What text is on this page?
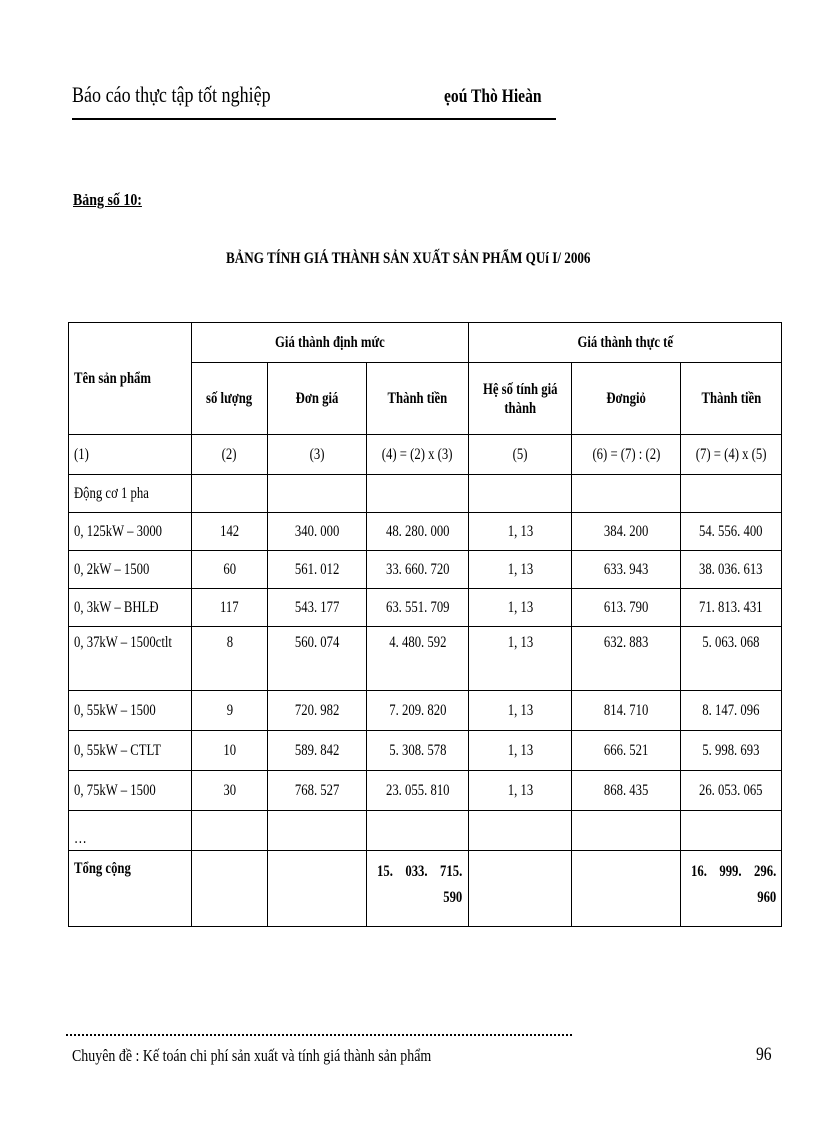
Báo cáo thực tập tốt nghiệp	ẹoú Thò Hieàn
Bảng số 10:
BẢNG TÍNH GIÁ THÀNH SẢN XUẤT SẢN PHẨM QUí I/ 2006
Tên sản phẩm	Giá thành định mức			Giá thành thực tế		
	số lượng	Đơn giá	Thành tiền	Hệ số tính giá thành	Đơngiỏ	Thành tiền
(1)	(2)	(3)	(4) = (2) x (3)	(5)	(6) = (7) : (2)	(7) = (4) x (5)
Động cơ 1 pha						
0, 125kW – 3000	142	340. 000	48. 280. 000	1, 13	384. 200	54. 556. 400
0, 2kW – 1500	60	561. 012	33. 660. 720	1, 13	633. 943	38. 036. 613
0, 3kW – BHLĐ	117	543. 177	63. 551. 709	1, 13	613. 790	71. 813. 431

0, 37kW – 1500ctlt	8	560. 074	4. 480. 592	1, 13	632. 883	5. 063. 068
0, 55kW – 1500	9	720. 982	7. 209. 820	1, 13	814. 710	8. 147. 096
0, 55kW – CTLT	10	589. 842	5. 308. 578	1, 13	666. 521	5. 998. 693
0, 75kW – 1500	30	768. 527	23. 055. 810	1, 13	868. 435	26. 053. 065
…						
Tổng cộng			15. 033. 715. 590			16. 999. 296. 960
Chuyên đề : Kế toán chi phí sản xuất và tính giá thành sản phẩm	96
